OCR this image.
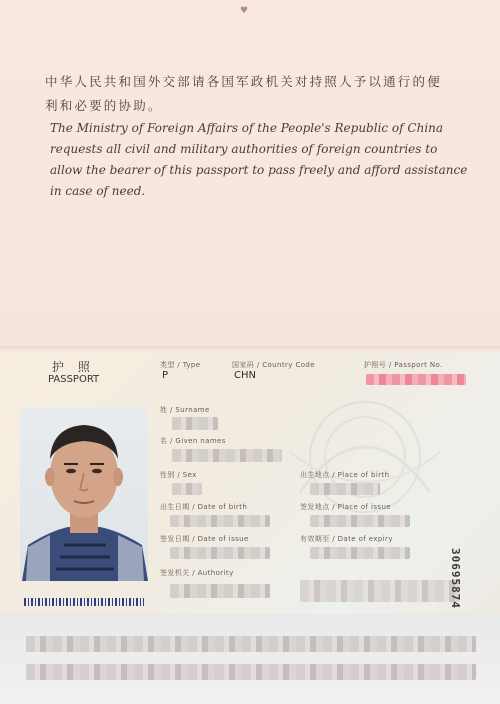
♥
中华人民共和国外交部请各国军政机关对持照人予以通行的便利和必要的协助。
The Ministry of Foreign Affairs of the People's Republic of China requests all civil and military authorities of foreign countries to allow the bearer of this passport to pass freely and afford assistance in case of need.
护 照
PASSPORT
类型 / Type
P
国家码 / Country Code
CHN
护照号 / Passport No.
姓 / Surname
名 / Given names
性别 / Sex	出生地点 / Place of birth
出生日期 / Date of birth	签发地点 / Place of issue
签发日期 / Date of issue	有效期至 / Date of expiry
签发机关 / Authority	30695874
